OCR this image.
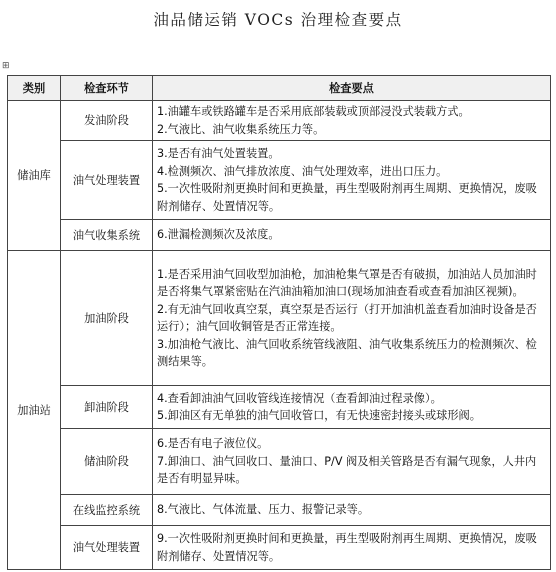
油品储运销 VOCs 治理检查要点
⊞
类别	检查环节	检查要点
储油库	发油阶段	1.油罐车或铁路罐车是否采用底部装载或顶部浸没式装载方式。
2.气液比、油气收集系统压力等。

	油气处理装置	3.是否有油气处置装置。
4.检测频次、油气排放浓度、油气处理效率，进出口压力。
5.一次性吸附剂更换时间和更换量，再生型吸附剂再生周期、更换情况，废吸附剂储存、处置情况等。

	油气收集系统	6.泄漏检测频次及浓度。

加油站	加油阶段	1.是否采用油气回收型加油枪，加油枪集气罩是否有破损，加油站人员加油时是否将集气罩紧密贴在汽油油箱加油口(现场加油查看或查看加油区视频)。
2.有无油气回收真空泵，真空泵是否运行（打开加油机盖查看加油时设备是否运行）；油气回收铜管是否正常连接。
3.加油枪气液比、油气回收系统管线液阻、油气收集系统压力的检测频次、检测结果等。

	卸油阶段	4.查看卸油油气回收管线连接情况（查看卸油过程录像）。
5.卸油区有无单独的油气回收管口，有无快速密封接头或球形阀。

	储油阶段	6.是否有电子液位仪。
7.卸油口、油气回收口、量油口、P/V 阀及相关管路是否有漏气现象，人井内是否有明显异味。

	在线监控系统	8.气液比、气体流量、压力、报警记录等。

	油气处理装置	9.一次性吸附剂更换时间和更换量，再生型吸附剂再生周期、更换情况，废吸附剂储存、处置情况等。
